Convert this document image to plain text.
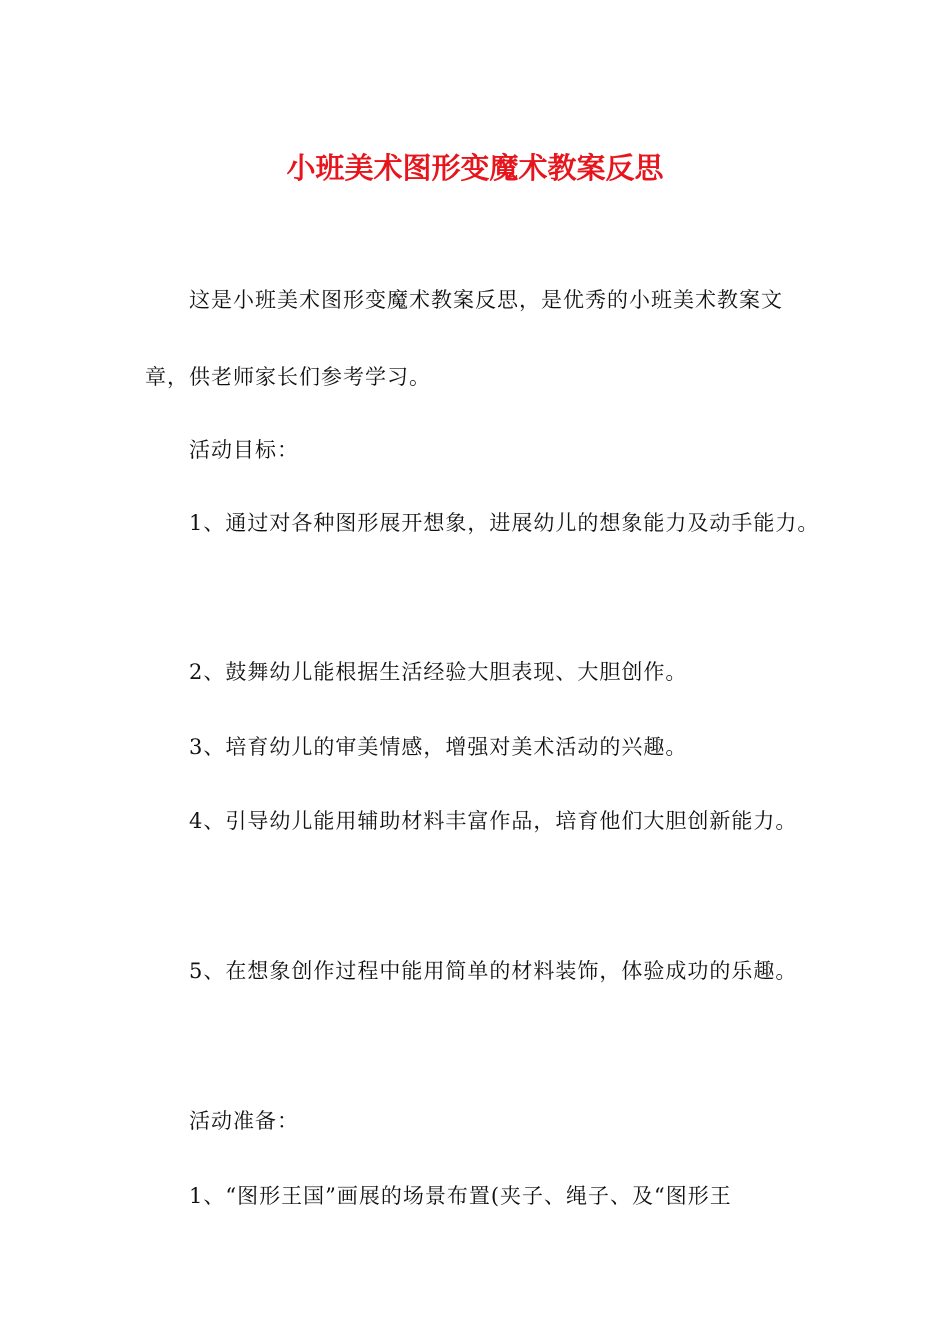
小班美术图形变魔术教案反思

这是小班美术图形变魔术教案反思，是优秀的小班美术教案文

章，供老师家长们参考学习。

活动目标：

1、通过对各种图形展开想象，进展幼儿的想象能力及动手能力。

2、鼓舞幼儿能根据生活经验大胆表现、大胆创作。

3、培育幼儿的审美情感，增强对美术活动的兴趣。

4、引导幼儿能用辅助材料丰富作品，培育他们大胆创新能力。

5、在想象创作过程中能用简单的材料装饰，体验成功的乐趣。

活动准备：

1、“图形王国”画展的场景布置(夹子、绳子、及“图形王
